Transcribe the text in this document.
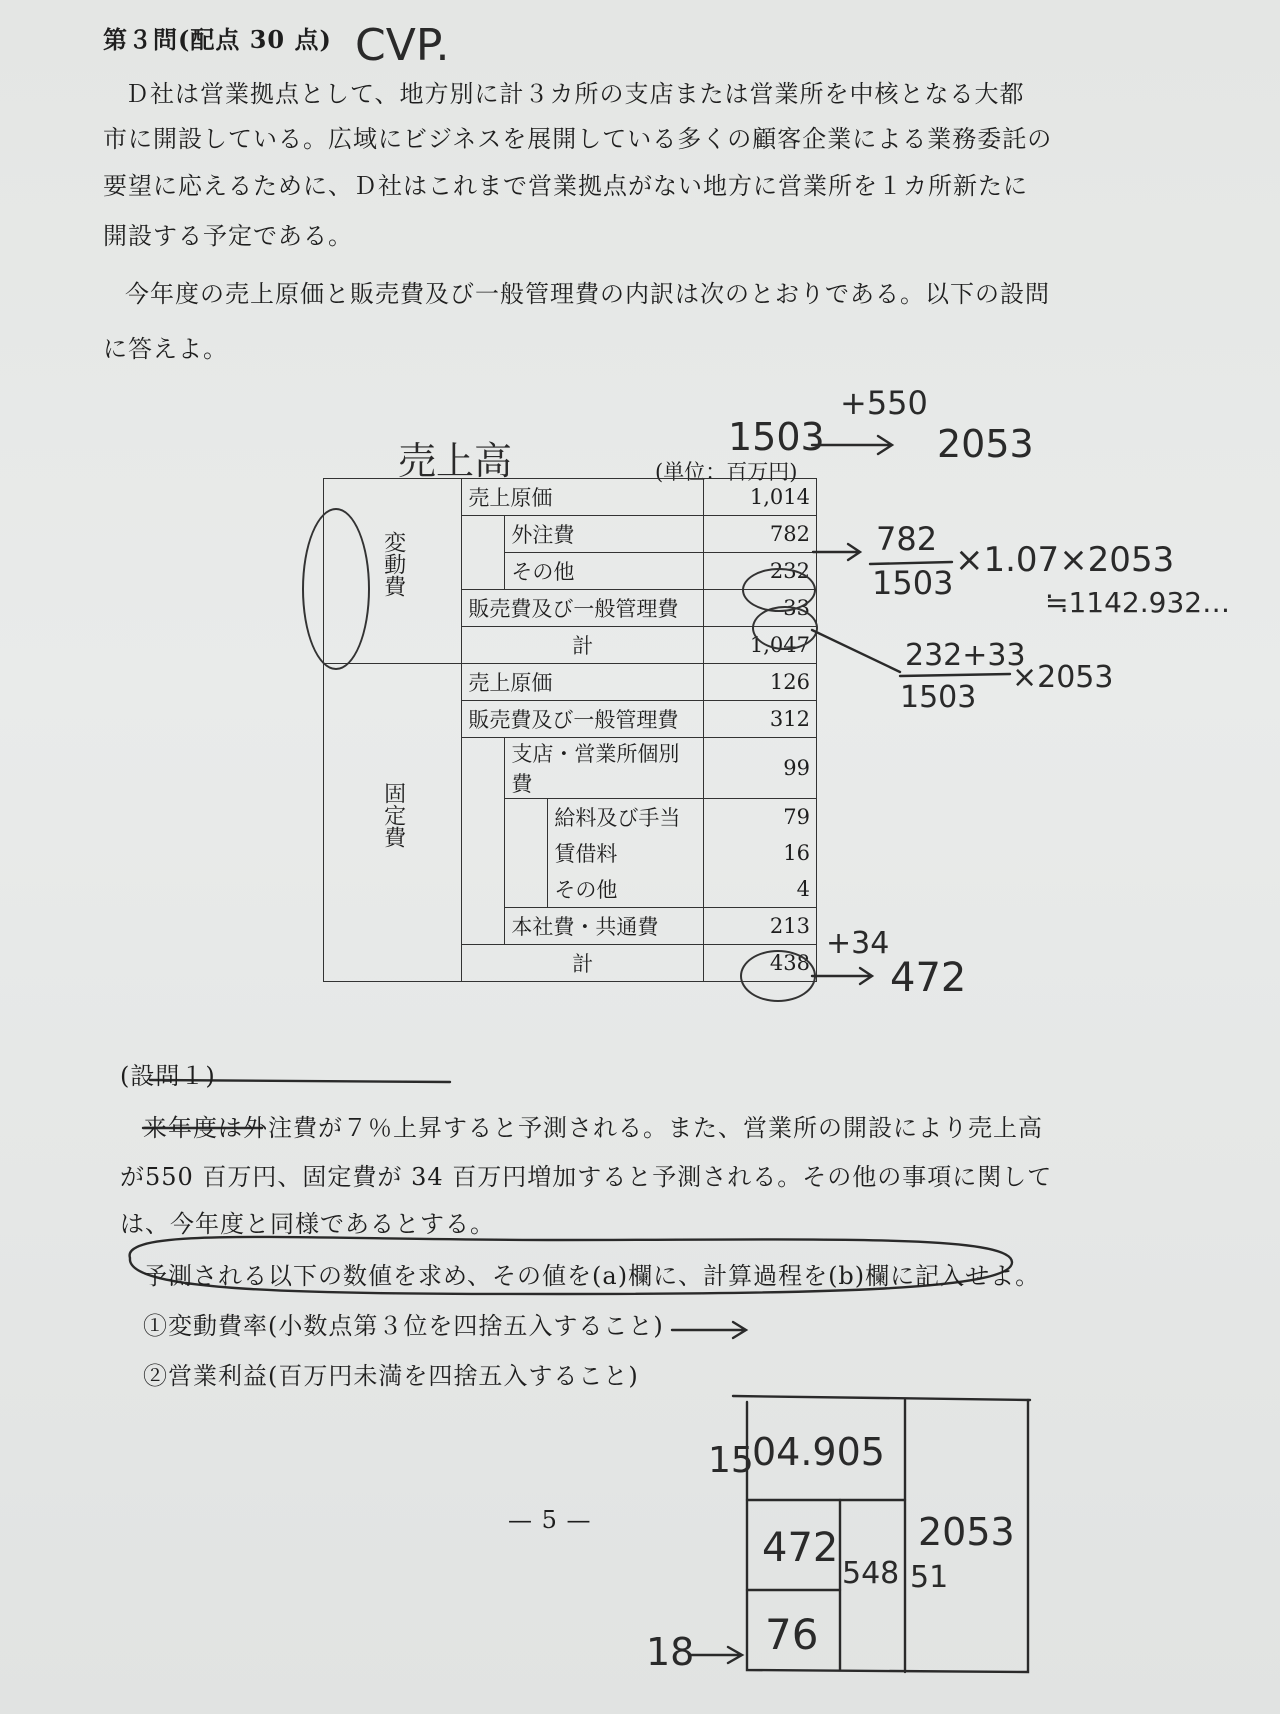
第３問(配点 30 点) CVP.
Ｄ社は営業拠点として、地方別に計３カ所の支店または営業所を中核となる大都
市に開設している。広域にビジネスを展開している多くの顧客企業による業務委託の
要望に応えるために、Ｄ社はこれまで営業拠点がない地方に営業所を１カ所新たに
開設する予定である。
今年度の売上原価と販売費及び一般管理費の内訳は次のとおりである。以下の設問
に答えよ。
売上高
+550
1503	2053
(単位：百万円)
変動費	売上原価			1,014
		外注費		782
		その他		232
	販売費及び一般管理費			33
	計			1,047
固定費	売上原価			126
	販売費及び一般管理費			312
		支店・営業所個別費		99
			給料及び手当	79
			賃借料	16
			その他	4
		本社費・共通費		213
	計			438
782
1503
×1.07×2053
≒1142.932…
232+33
1503
×2053
+34
472
(設問１)
来年度は外注費が７％上昇すると予測される。また、営業所の開設により売上高
が550 百万円、固定費が 34 百万円増加すると予測される。その他の事項に関して
は、今年度と同様であるとする。
予測される以下の数値を求め、その値を(a)欄に、計算過程を(b)欄に記入せよ。
①変動費率(小数点第３位を四捨五入すること)
②営業利益(百万円未満を四捨五入すること)
— 5 —
15
04.905
472
548 51
2053
76
18
